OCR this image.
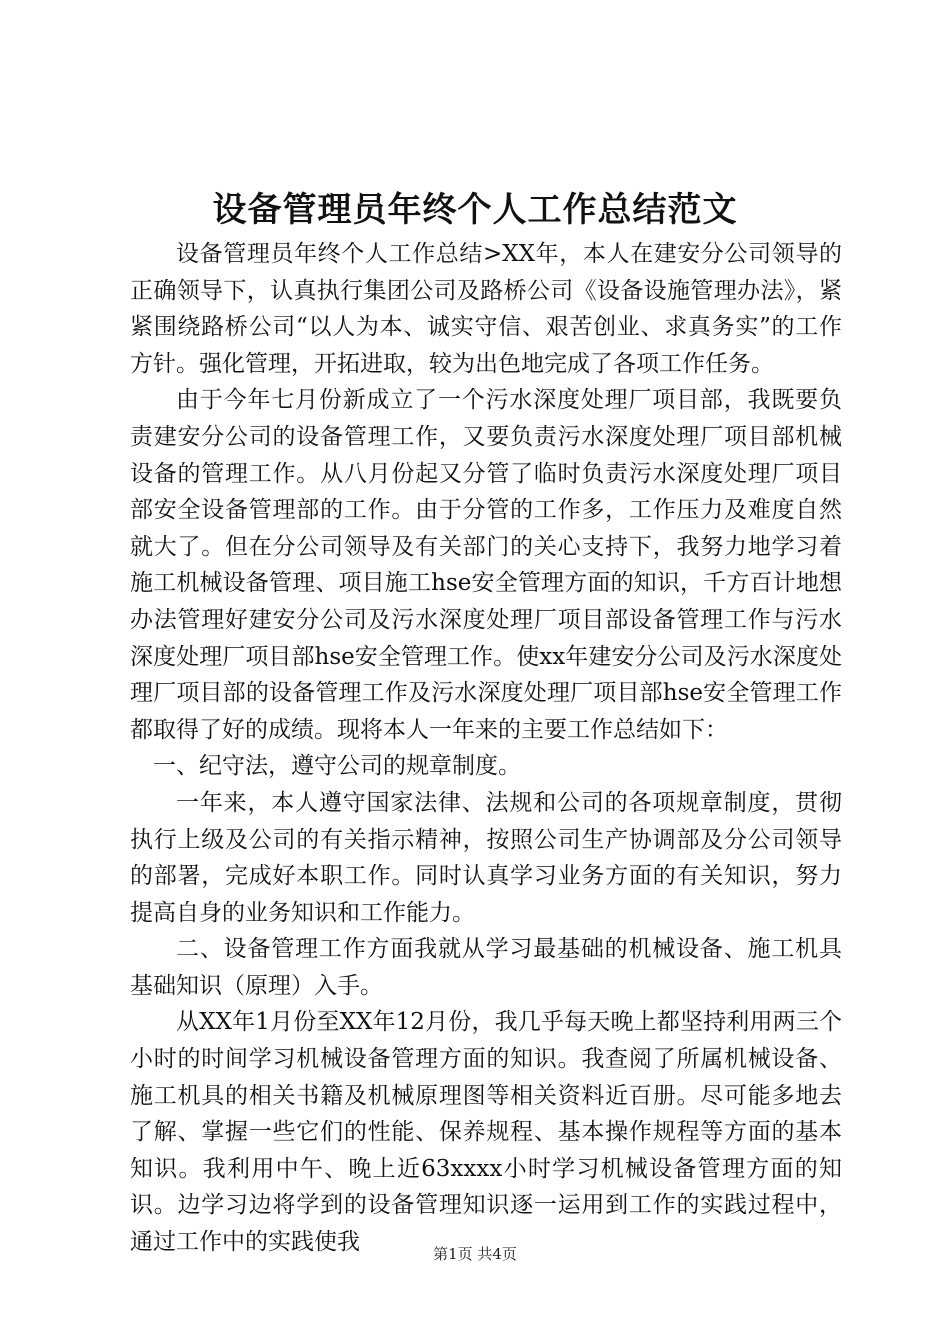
设备管理员年终个人工作总结范文

设备管理员年终个人工作总结>XX年，本人在建安分公司领导的正确领导下，认真执行集团公司及路桥公司《设备设施管理办法》，紧紧围绕路桥公司“以人为本、诚实守信、艰苦创业、求真务实”的工作方针。强化管理，开拓进取，较为出色地完成了各项工作任务。

由于今年七月份新成立了一个污水深度处理厂项目部，我既要负责建安分公司的设备管理工作，又要负责污水深度处理厂项目部机械设备的管理工作。从八月份起又分管了临时负责污水深度处理厂项目部安全设备管理部的工作。由于分管的工作多，工作压力及难度自然就大了。但在分公司领导及有关部门的关心支持下，我努力地学习着施工机械设备管理、项目施工hse安全管理方面的知识，千方百计地想办法管理好建安分公司及污水深度处理厂项目部设备管理工作与污水深度处理厂项目部hse安全管理工作。使xx年建安分公司及污水深度处理厂项目部的设备管理工作及污水深度处理厂项目部hse安全管理工作都取得了好的成绩。现将本人一年来的主要工作总结如下：

一、纪守法，遵守公司的规章制度。

一年来，本人遵守国家法律、法规和公司的各项规章制度，贯彻执行上级及公司的有关指示精神，按照公司生产协调部及分公司领导的部署，完成好本职工作。同时认真学习业务方面的有关知识，努力提高自身的业务知识和工作能力。

二、设备管理工作方面我就从学习最基础的机械设备、施工机具基础知识（原理）入手。

从XX年1月份至XX年12月份，我几乎每天晚上都坚持利用两三个小时的时间学习机械设备管理方面的知识。我查阅了所属机械设备、施工机具的相关书籍及机械原理图等相关资料近百册。尽可能多地去了解、掌握一些它们的性能、保养规程、基本操作规程等方面的基本知识。我利用中午、晚上近63xxxx小时学习机械设备管理方面的知识。边学习边将学到的设备管理知识逐一运用到工作的实践过程中，通过工作中的实践使我	第1页 共4页
